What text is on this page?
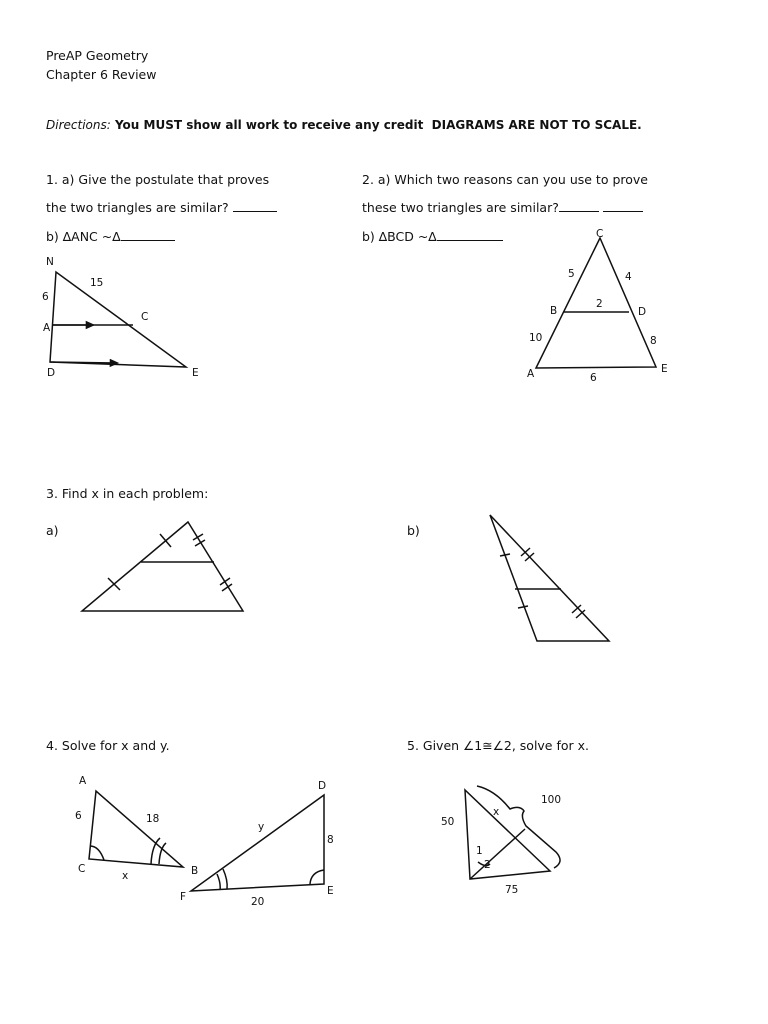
PreAP Geometry
Chapter 6 Review
Directions: You MUST show all work to receive any credit DIAGRAMS ARE NOT TO SCALE.
1. a) Give the postulate that proves
the two triangles are similar?
b) ∆ANC ~∆
2. a) Which two reasons can you use to prove
these two triangles are similar?
b) ∆BCD ~∆
3. Find x in each problem:
a)	b)
4. Solve for x and y.	5. Given ∠1≅∠2, solve for x.
N
6
15
C
A
D	E
C
5	4
B
2
D
10	8
A	6
E
A
6	18
C
x	B
D
y
8
F	20
E
100
x
50
1
2
75
